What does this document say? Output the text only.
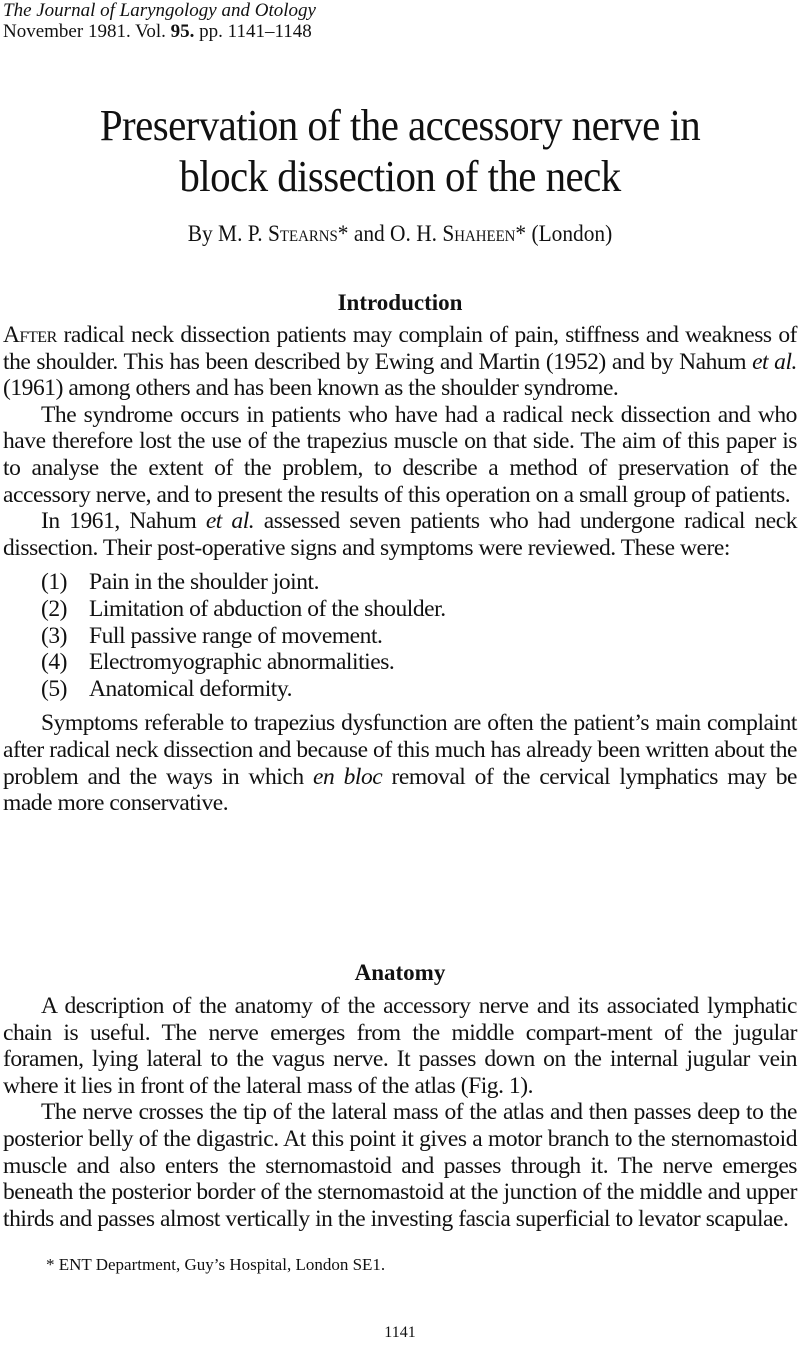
The Journal of Laryngology and Otology
November 1981. Vol. 95. pp. 1141–1148
Preservation of the accessory nerve in
block dissection of the neck
By M. P. Stearns* and O. H. Shaheen* (London)
Introduction

After radical neck dissection patients may complain of pain, stiffness and weakness of the shoulder. This has been described by Ewing and Martin (1952) and by Nahum et al. (1961) among others and has been known as the shoulder syndrome.

The syndrome occurs in patients who have had a radical neck dissection and who have therefore lost the use of the trapezius muscle on that side. The aim of this paper is to analyse the extent of the problem, to describe a method of preservation of the accessory nerve, and to present the results of this operation on a small group of patients.

In 1961, Nahum et al. assessed seven patients who had undergone radical neck dissection. Their post-operative signs and symptoms were reviewed. These were:

(1) Pain in the shoulder joint.
(2) Limitation of abduction of the shoulder.
(3) Full passive range of movement.
(4) Electromyographic abnormalities.
(5) Anatomical deformity.

Symptoms referable to trapezius dysfunction are often the patient’s main complaint after radical neck dissection and because of this much has already been written about the problem and the ways in which en bloc removal of the cervical lymphatics may be made more conservative.

Anatomy

A description of the anatomy of the accessory nerve and its associated lymphatic chain is useful. The nerve emerges from the middle compart-ment of the jugular foramen, lying lateral to the vagus nerve. It passes down on the internal jugular vein where it lies in front of the lateral mass of the atlas (Fig. 1).

The nerve crosses the tip of the lateral mass of the atlas and then passes deep to the posterior belly of the digastric. At this point it gives a motor branch to the sternomastoid muscle and also enters the sternomastoid and passes through it. The nerve emerges beneath the posterior border of the sternomastoid at the junction of the middle and upper thirds and passes almost vertically in the investing fascia superficial to levator scapulae.

* ENT Department, Guy’s Hospital, London SE1.
1141
